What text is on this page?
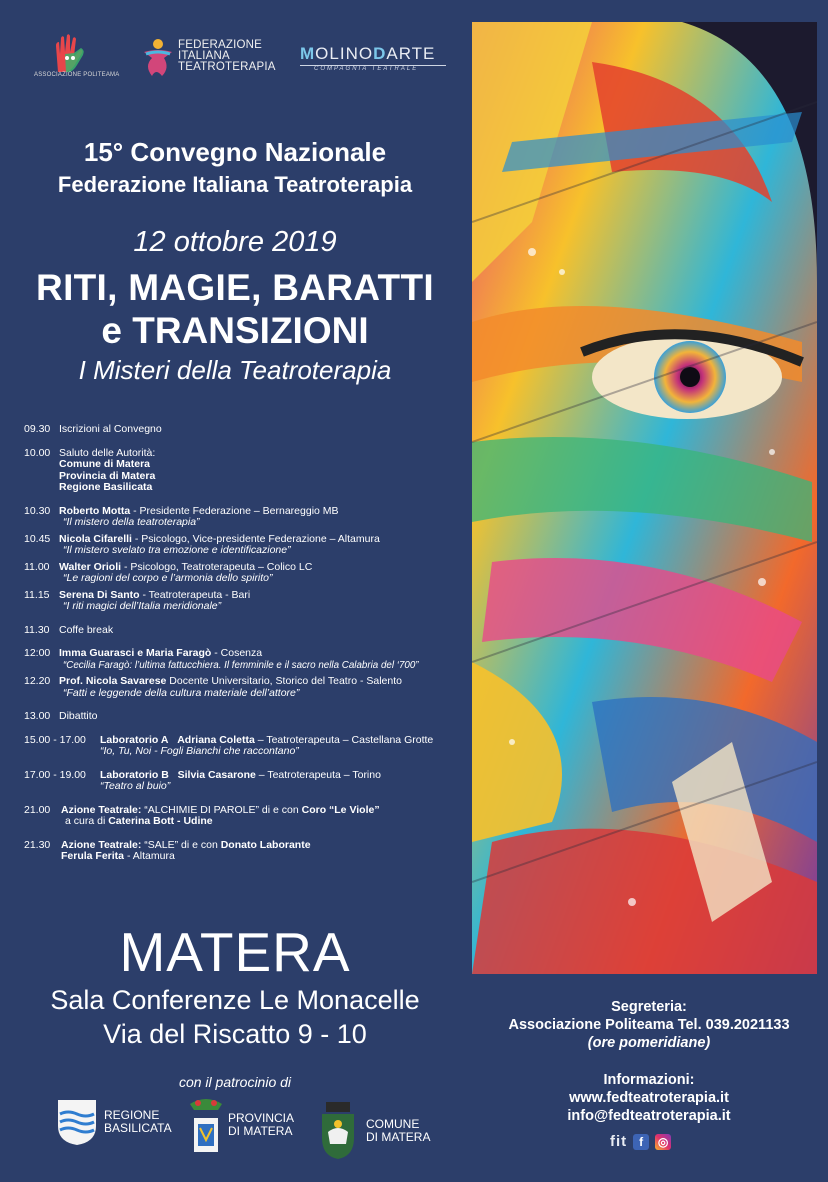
ASSOCIAZIONE POLITEAMA
FEDERAZIONE
ITALIANA
TEATROTERAPIA
MOLINODARTE
COMPAGNIA TEATRALE
15° Convegno Nazionale
Federazione Italiana Teatroterapia
12 ottobre 2019
RITI, MAGIE, BARATTI
e TRANSIZIONI
I Misteri della Teatroterapia
09.30 Iscrizioni al Convegno
10.00 Saluto delle Autorità:
Comune di Matera
Provincia di Matera
Regione Basilicata
10.30 Roberto Motta - Presidente Federazione – Bernareggio MB
“Il mistero della teatroterapia”
10.45 Nicola Cifarelli - Psicologo, Vice-presidente Federazione – Altamura
“Il mistero svelato tra emozione e identificazione”
11.00 Walter Orioli - Psicologo, Teatroterapeuta – Colico LC
“Le ragioni del corpo e l’armonia dello spirito”
11.15 Serena Di Santo - Teatroterapeuta - Bari
“I riti magici dell’Italia meridionale”
11.30 Coffe break
12:00 Imma Guarasci e Maria Faragò - Cosenza
“Cecilia Faragò: l’ultima fattucchiera. Il femminile e il sacro nella Calabria del ‘700”
12.20 Prof. Nicola Savarese Docente Universitario, Storico del Teatro - Salento
“Fatti e leggende della cultura materiale dell’attore”
13.00 Dibattito
15.00 - 17.00	Laboratorio A Adriana Coletta – Teatroterapeuta – Castellana Grotte
“Io, Tu, Noi - Fogli Bianchi che raccontano”
17.00 - 19.00	Laboratorio B Silvia Casarone – Teatroterapeuta – Torino
“Teatro al buio”
21.00	Azione Teatrale: “ALCHIMIE DI PAROLE” di e con Coro “Le Viole”
a cura di Caterina Bott - Udine
21.30	Azione Teatrale: “SALE” di e con Donato Laborante
Ferula Ferita - Altamura
MATERA
Sala Conferenze Le Monacelle
Via del Riscatto 9 - 10
con il patrocinio di
REGIONE
BASILICATA
PROVINCIA
DI MATERA	COMUNE
DI MATERA
Segreteria:
Associazione Politeama Tel. 039.2021133
(ore pomeridiane)
Informazioni:
www.fedteatroterapia.it
info@fedteatroterapia.it
fit	f	◎
